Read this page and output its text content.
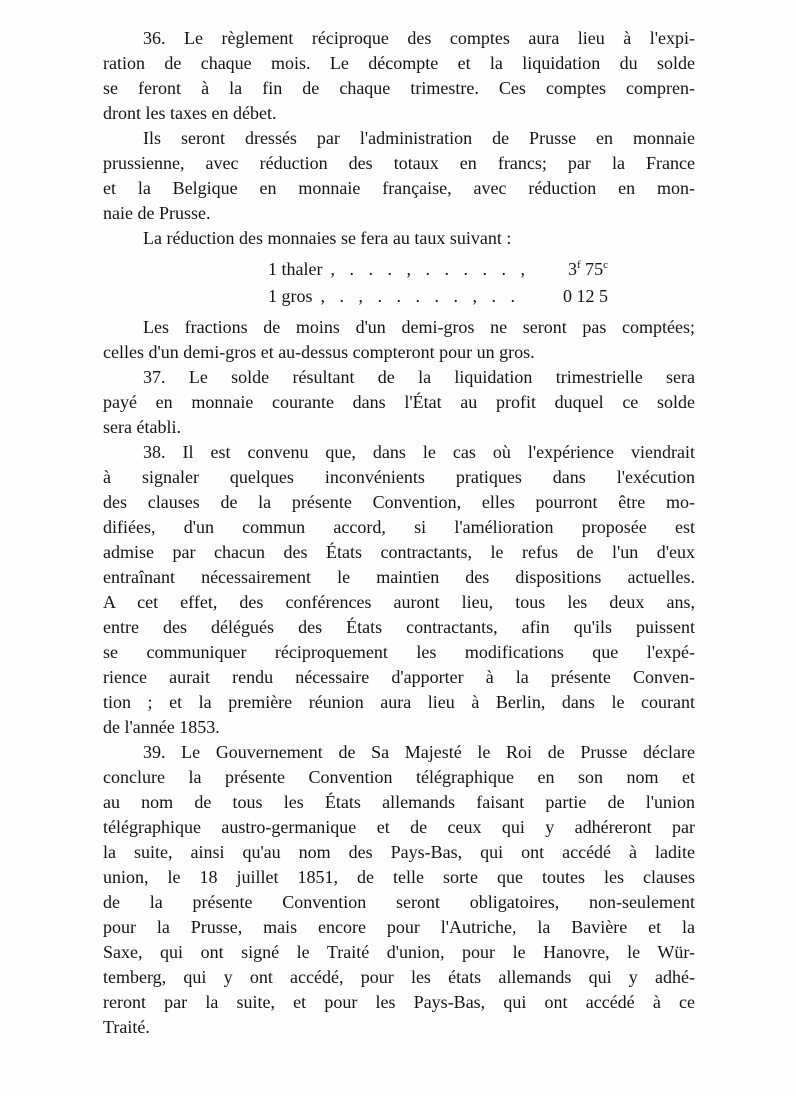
36. Le règlement réciproque des comptes aura lieu à l'expi-
ration de chaque mois. Le décompte et la liquidation du solde
se feront à la fin de chaque trimestre. Ces comptes compren-
dront les taxes en débet.

Ils seront dressés par l'administration de Prusse en monnaie
prussienne, avec réduction des totaux en francs; par la France
et la Belgique en monnaie française, avec réduction en mon-
naie de Prusse.

La réduction des monnaies se fera au taux suivant :

1 thaler , . . . , . . . . . ,	3$^f$ 75$^c$
1 gros , . , . . . . . , . .	0 12 5

Les fractions de moins d'un demi-gros ne seront pas comptées;
celles d'un demi-gros et au-dessus compteront pour un gros.

37. Le solde résultant de la liquidation trimestrielle sera
payé en monnaie courante dans l'État au profit duquel ce solde
sera établi.

38. Il est convenu que, dans le cas où l'expérience viendrait
à signaler quelques inconvénients pratiques dans l'exécution
des clauses de la présente Convention, elles pourront être mo-
difiées, d'un commun accord, si l'amélioration proposée est
admise par chacun des États contractants, le refus de l'un d'eux
entraînant nécessairement le maintien des dispositions actuelles.
A cet effet, des conférences auront lieu, tous les deux ans,
entre des délégués des États contractants, afin qu'ils puissent
se communiquer réciproquement les modifications que l'expé-
rience aurait rendu nécessaire d'apporter à la présente Conven-
tion ; et la première réunion aura lieu à Berlin, dans le courant
de l'année 1853.

39. Le Gouvernement de Sa Majesté le Roi de Prusse déclare
conclure la présente Convention télégraphique en son nom et
au nom de tous les États allemands faisant partie de l'union
télégraphique austro-germanique et de ceux qui y adhéreront par
la suite, ainsi qu'au nom des Pays-Bas, qui ont accédé à ladite
union, le 18 juillet 1851, de telle sorte que toutes les clauses
de la présente Convention seront obligatoires, non-seulement
pour la Prusse, mais encore pour l'Autriche, la Bavière et la
Saxe, qui ont signé le Traité d'union, pour le Hanovre, le Wür-
temberg, qui y ont accédé, pour les états allemands qui y adhé-
reront par la suite, et pour les Pays-Bas, qui ont accédé à ce
Traité.
